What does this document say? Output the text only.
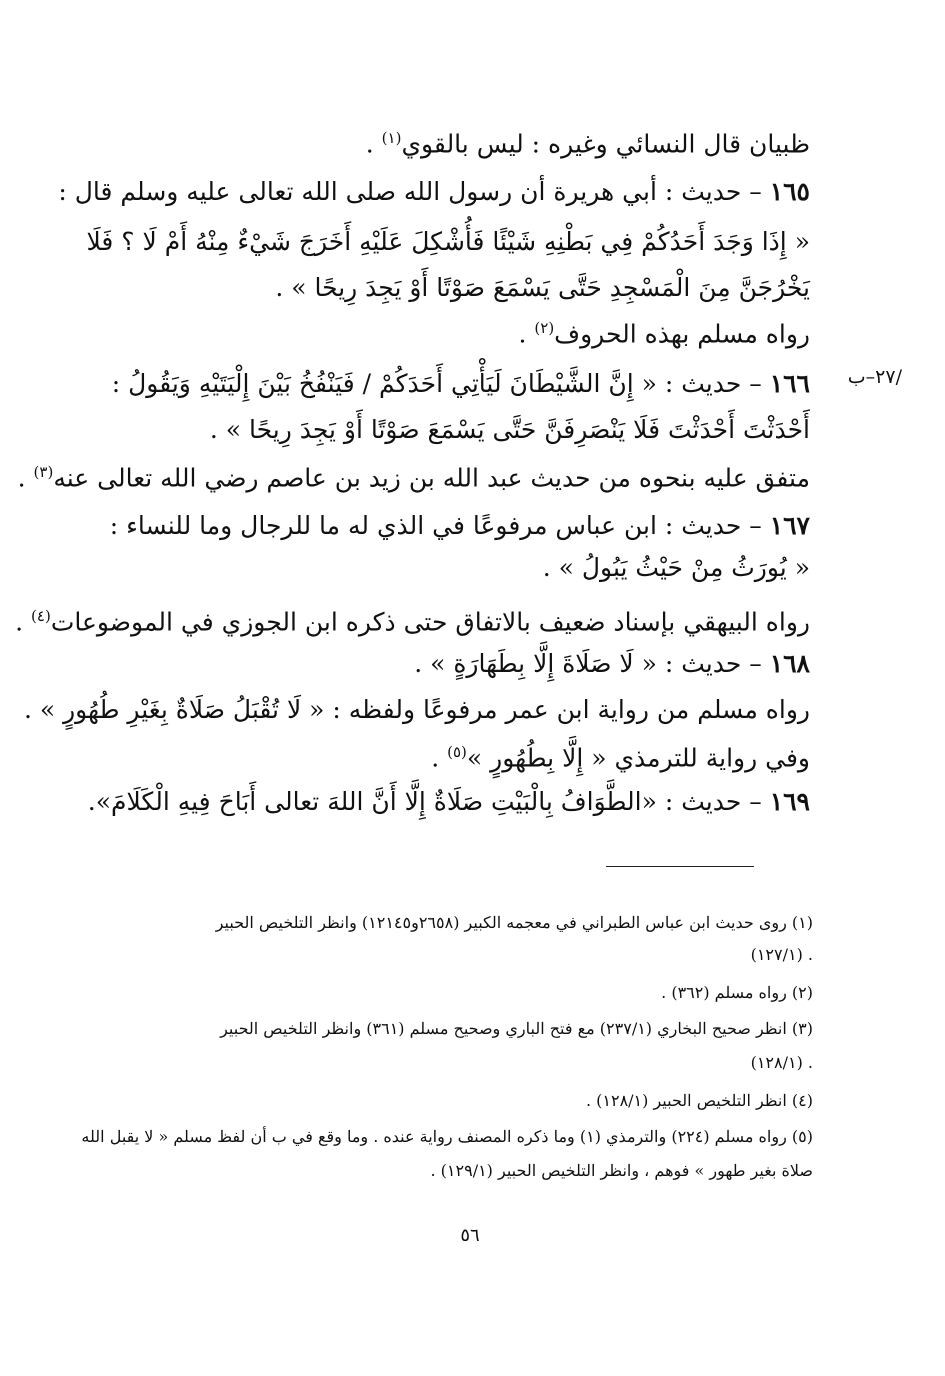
/٢٧–ب
ظبيان قال النسائي وغيره : ليس بالقوي$^{(١)}$ .
١٦٥ – حديث : أبي هريرة أن رسول الله صلى الله تعالى عليه وسلم قال :
« إِذَا وَجَدَ أَحَدُكُمْ فِي بَطْنِهِ شَيْئًا فَأُشْكِلَ عَلَيْهِ أَخَرَجَ شَيْءٌ مِنْهُ أَمْ لَا ؟ فَلَا
يَخْرُجَنَّ مِنَ الْمَسْجِدِ حَتَّى يَسْمَعَ صَوْتًا أَوْ يَجِدَ رِيحًا » .
رواه مسلم بهذه الحروف$^{(٢)}$ .
١٦٦ – حديث : « إِنَّ الشَّيْطَانَ لَيَأْتِي أَحَدَكُمْ / فَيَنْفُخُ بَيْنَ إِلْيَتَيْهِ وَيَقُولُ :
أَحْدَثْتَ أَحْدَثْتَ فَلَا يَنْصَرِفَنَّ حَتَّى يَسْمَعَ صَوْتًا أَوْ يَجِدَ رِيحًا » .
متفق عليه بنحوه من حديث عبد الله بن زيد بن عاصم رضي الله تعالى عنه$^{(٣)}$ .
١٦٧ – حديث : ابن عباس مرفوعًا في الذي له ما للرجال وما للنساء :
« يُورَثُ مِنْ حَيْثُ يَبُولُ » .
رواه البيهقي بإسناد ضعيف بالاتفاق حتى ذكره ابن الجوزي في الموضوعات$^{(٤)}$ .
١٦٨ – حديث : « لَا صَلَاةَ إِلَّا بِطَهَارَةٍ » .
رواه مسلم من رواية ابن عمر مرفوعًا ولفظه : « لَا تُقْبَلُ صَلَاةٌ بِغَيْرِ طُهُورٍ » .
وفي رواية للترمذي « إِلَّا بِطُهُورٍ »$^{(٥)}$ .
١٦٩ – حديث : «الطَّوَافُ بِالْبَيْتِ صَلَاةٌ إِلَّا أَنَّ اللهَ تعالى أَبَاحَ فِيهِ الْكَلَامَ».
(١) روى حديث ابن عباس الطبراني في معجمه الكبير (٢٦٥٨و١٢١٤٥) وانظر التلخيص الحبير
. (١٢٧/١)
(٢) رواه مسلم (٣٦٢) .
(٣) انظر صحيح البخاري (٢٣٧/١) مع فتح الباري وصحيح مسلم (٣٦١) وانظر التلخيص الحبير
. (١٢٨/١)
(٤) انظر التلخيص الحبير (١٢٨/١) .
(٥) رواه مسلم (٢٢٤) والترمذي (١) وما ذكره المصنف رواية عنده . وما وقع في ب أن لفظ مسلم « لا يقبل الله
صلاة بغير طهور » فوهم ، وانظر التلخيص الحبير (١٢٩/١) .
٥٦
